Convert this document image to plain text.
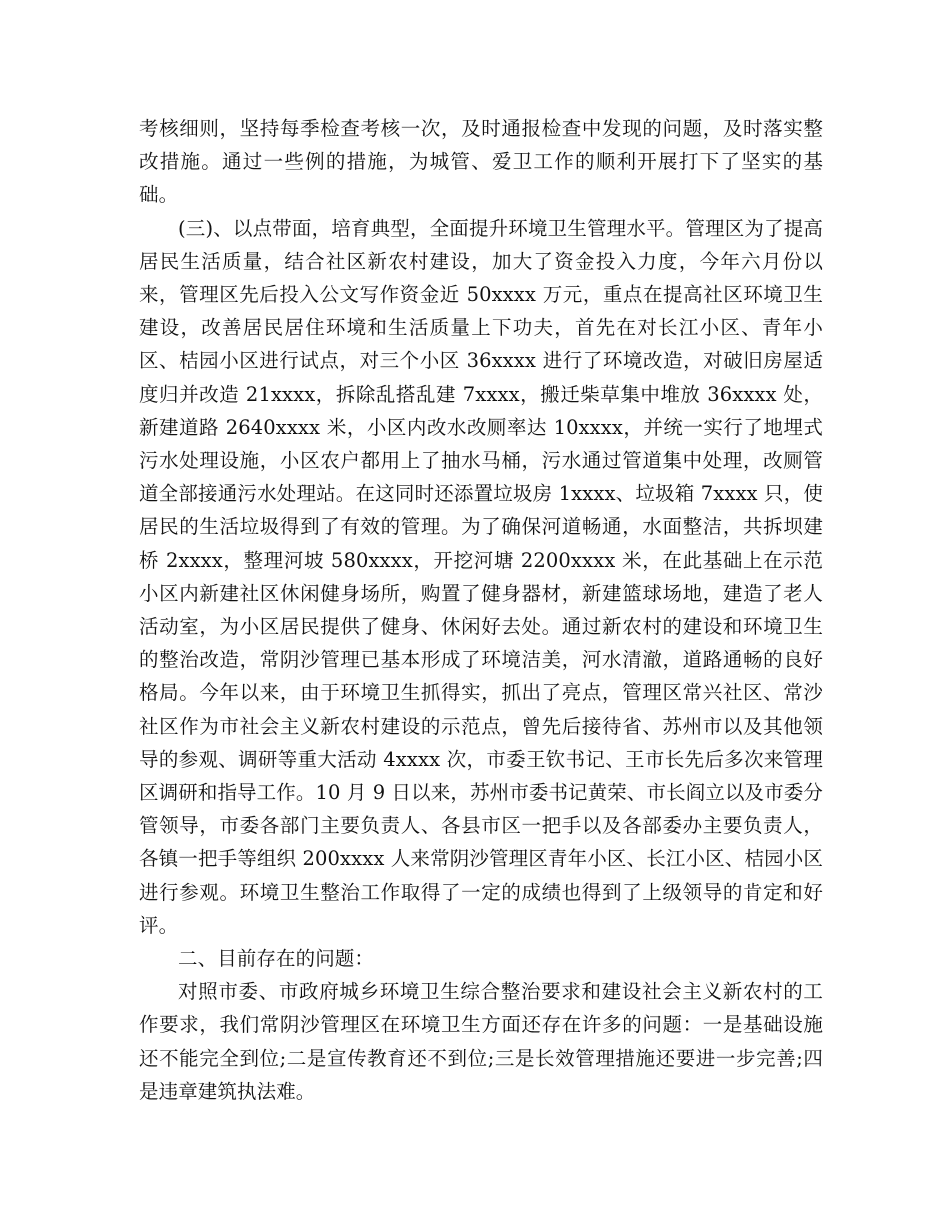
考核细则，坚持每季检查考核一次，及时通报检查中发现的问题，及时落实整改措施。通过一些例的措施，为城管、爱卫工作的顺利开展打下了坚实的基础。

(三)、以点带面，培育典型，全面提升环境卫生管理水平。管理区为了提高居民生活质量，结合社区新农村建设，加大了资金投入力度，今年六月份以来，管理区先后投入公文写作资金近 50xxxx 万元，重点在提高社区环境卫生建设，改善居民居住环境和生活质量上下功夫，首先在对长江小区、青年小区、桔园小区进行试点，对三个小区 36xxxx 进行了环境改造，对破旧房屋适度归并改造 21xxxx，拆除乱搭乱建 7xxxx，搬迁柴草集中堆放 36xxxx 处，新建道路 2640xxxx 米，小区内改水改厕率达 10xxxx，并统一实行了地埋式污水处理设施，小区农户都用上了抽水马桶，污水通过管道集中处理，改厕管道全部接通污水处理站。在这同时还添置垃圾房 1xxxx、垃圾箱 7xxxx 只，使居民的生活垃圾得到了有效的管理。为了确保河道畅通，水面整洁，共拆坝建桥 2xxxx，整理河坡 580xxxx，开挖河塘 2200xxxx 米，在此基础上在示范小区内新建社区休闲健身场所，购置了健身器材，新建篮球场地，建造了老人活动室，为小区居民提供了健身、休闲好去处。通过新农村的建设和环境卫生的整治改造，常阴沙管理已基本形成了环境洁美，河水清澈，道路通畅的良好格局。今年以来，由于环境卫生抓得实，抓出了亮点，管理区常兴社区、常沙社区作为市社会主义新农村建设的示范点，曾先后接待省、苏州市以及其他领导的参观、调研等重大活动 4xxxx 次，市委王钦书记、王市长先后多次来管理区调研和指导工作。10 月 9 日以来，苏州市委书记黄荣、市长阎立以及市委分管领导，市委各部门主要负责人、各县市区一把手以及各部委办主要负责人，各镇一把手等组织 200xxxx 人来常阴沙管理区青年小区、长江小区、桔园小区进行参观。环境卫生整治工作取得了一定的成绩也得到了上级领导的肯定和好评。

二、目前存在的问题：

对照市委、市政府城乡环境卫生综合整治要求和建设社会主义新农村的工作要求，我们常阴沙管理区在环境卫生方面还存在许多的问题：一是基础设施还不能完全到位;二是宣传教育还不到位;三是长效管理措施还要进一步完善;四是违章建筑执法难。
